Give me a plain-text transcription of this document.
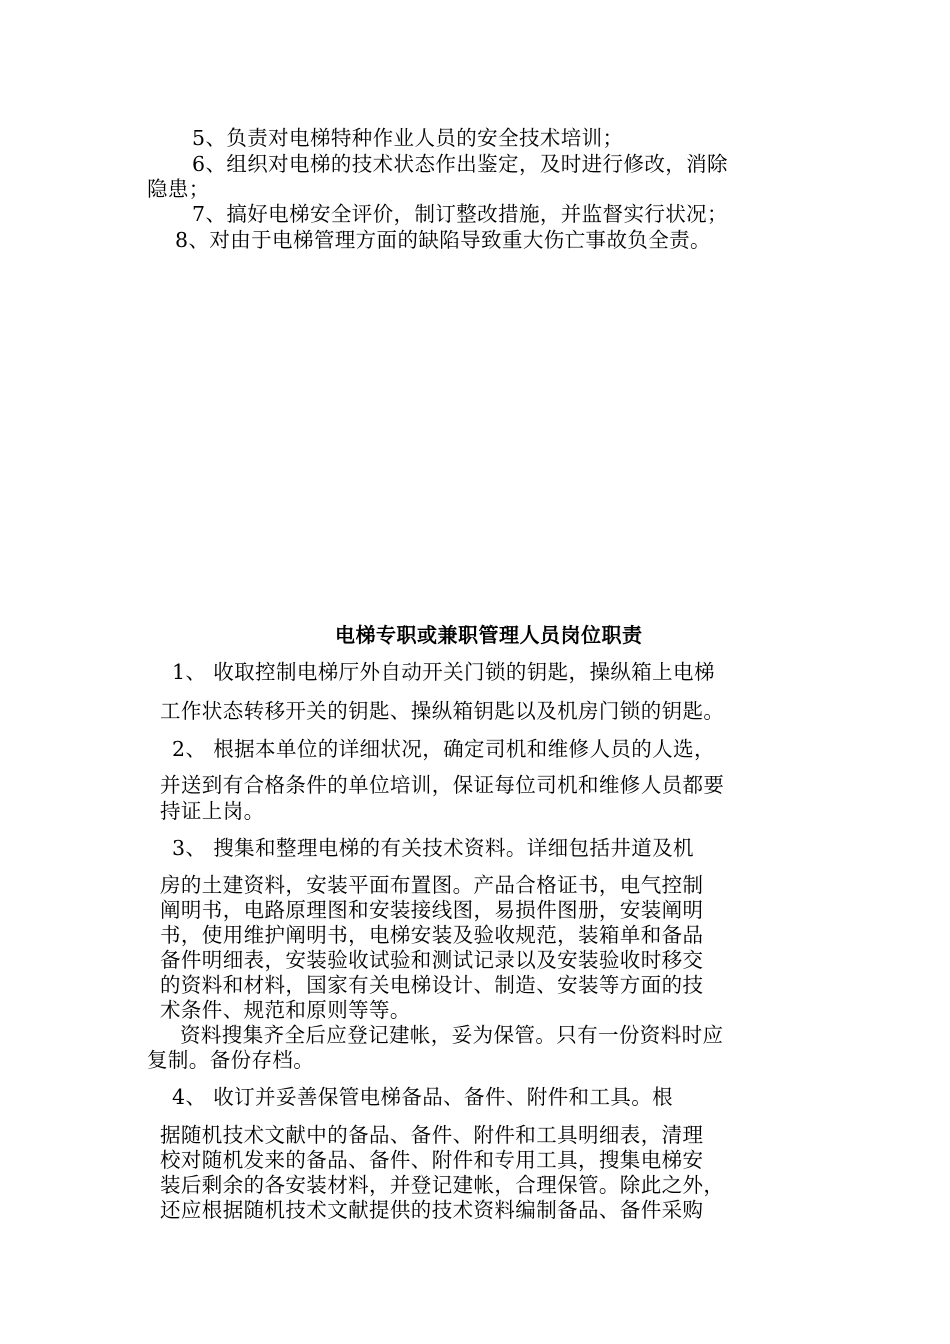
5、负责对电梯特种作业人员的安全技术培训；
6、组织对电梯的技术状态作出鉴定，及时进行修改，消除
隐患；
7、搞好电梯安全评价，制订整改措施，并监督实行状况；
8、对由于电梯管理方面的缺陷导致重大伤亡事故负全责。
电梯专职或兼职管理人员岗位职责
1、 收取控制电梯厅外自动开关门锁的钥匙，操纵箱上电梯
工作状态转移开关的钥匙、操纵箱钥匙以及机房门锁的钥匙。
2、 根据本单位的详细状况，确定司机和维修人员的人选，
并送到有合格条件的单位培训，保证每位司机和维修人员都要
持证上岗。
3、 搜集和整理电梯的有关技术资料。详细包括井道及机
房的土建资料，安装平面布置图。产品合格证书，电气控制
阐明书，电路原理图和安装接线图，易损件图册，安装阐明
书，使用维护阐明书，电梯安装及验收规范，装箱单和备品
备件明细表，安装验收试验和测试记录以及安装验收时移交
的资料和材料，国家有关电梯设计、制造、安装等方面的技
术条件、规范和原则等等。
资料搜集齐全后应登记建帐，妥为保管。只有一份资料时应
复制。备份存档。
4、 收订并妥善保管电梯备品、备件、附件和工具。根
据随机技术文献中的备品、备件、附件和工具明细表，清理
校对随机发来的备品、备件、附件和专用工具，搜集电梯安
装后剩余的各安装材料，并登记建帐，合理保管。除此之外，
还应根据随机技术文献提供的技术资料编制备品、备件采购
